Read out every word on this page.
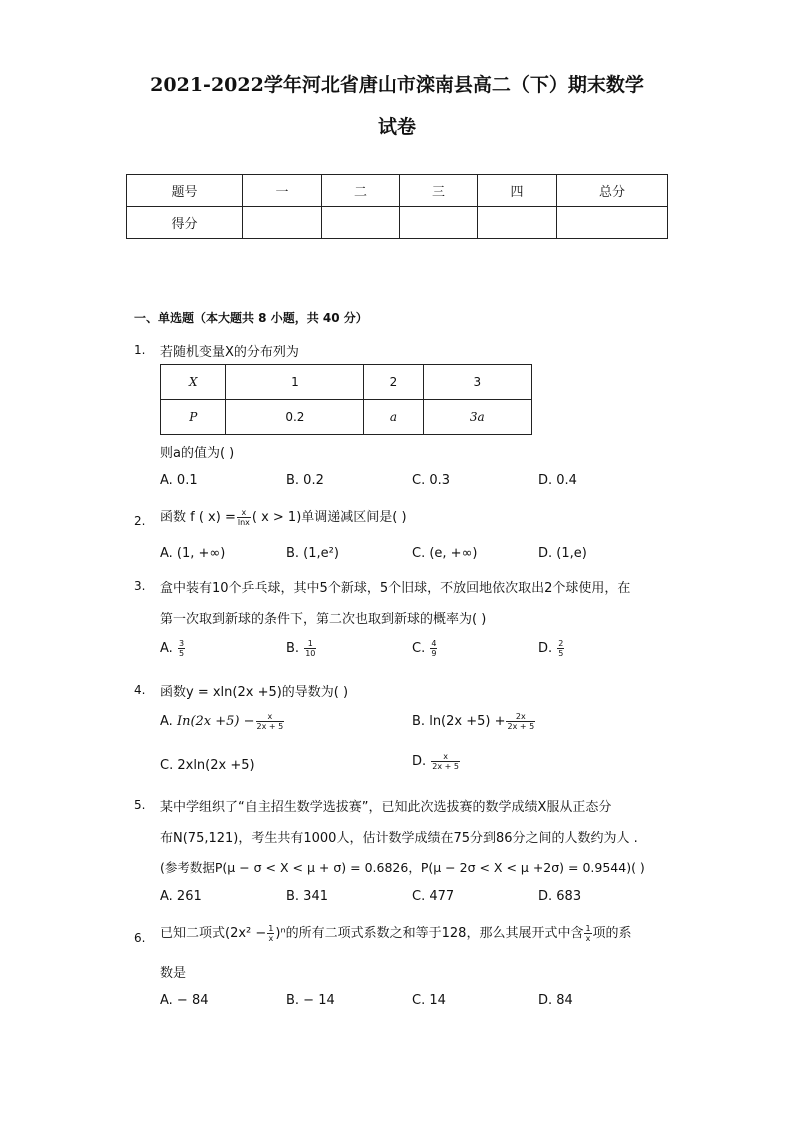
2021-2022学年河北省唐山市滦南县高二（下）期末数学
试卷
题号	一	二	三	四	总分
得分					
一、单选题（本大题共 8 小题，共 40 分）
1. 若随机变量X的分布列为
X	1	2	3
P	0.2	a	3a
则a的值为( )
A. 0.1	B. 0.2	C. 0.3	D. 0.4
2. 函数 f ( $x) = \frac{x}{\ln x}$ ( x > 1)单调递减区间是( )
A. (1, +∞)	B. (1,e²)	C. (e, +∞)	D. (1,e)
3. 盒中装有10个乒乓球，其中5个新球，5个旧球，不放回地依次取出2个球使用，在
第一次取到新球的条件下，第二次也取到新球的概率为( )
A. $\frac{3}{5}$	B. $\frac{1}{10}$	C. $\frac{4}{9}$	D. $\frac{2}{5}$
4. 函数y = xln(2x +5)的导数为( )
A. $In(2x +5) - \frac{x}{2x + 5}$	B. $\ln(2x +5) + \frac{2x}{2x + 5}$
C. 2xln(2x +5)	D. $\frac{x}{2x + 5}$
5. 某中学组织了“自主招生数学选拔赛”，已知此次选拔赛的数学成绩X服从正态分
布N(75,121)，考生共有1000人，估计数学成绩在75分到86分之间的人数约为人 .
(参考数据P(μ − σ < X < μ + σ) = 0.6826，P(μ − 2σ < X < μ +2σ) = 0.9544)( )
A. 261	B. 341	C. 477	D. 683
6. 已知二项式$(2x^2 - \frac{1}{x} )^n$的所有二项式系数之和等于128，那么其展开式中含 $\frac{1}{x}$ 项的系
数是
A. − 84	B. − 14	C. 14	D. 84
